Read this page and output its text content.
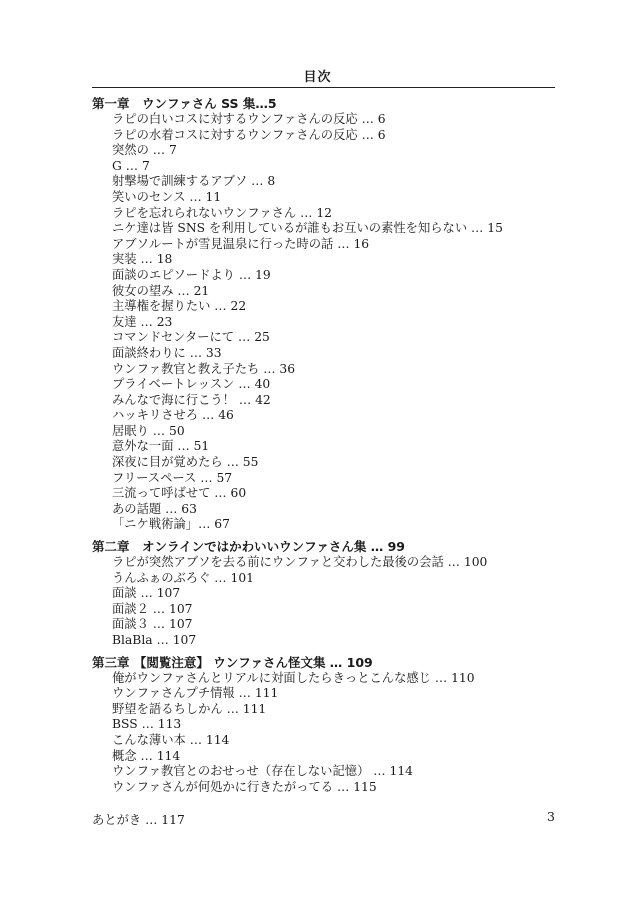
目次
第一章　ウンファさん SS 集…5
ラピの白いコスに対するウンファさんの反応 … 6
ラピの水着コスに対するウンファさんの反応 … 6
突然の … 7
G … 7
射撃場で訓練するアブソ … 8
笑いのセンス … 11
ラピを忘れられないウンファさん … 12
ニケ達は皆 SNS を利用しているが誰もお互いの素性を知らない … 15
アブソルートが雪見温泉に行った時の話 … 16
実装 … 18
面談のエピソードより … 19
彼女の望み … 21
主導権を握りたい … 22
友達 … 23
コマンドセンターにて … 25
面談終わりに … 33
ウンファ教官と教え子たち … 36
プライベートレッスン … 40
みんなで海に行こう！ … 42
ハッキリさせろ … 46
居眠り … 50
意外な一面 … 51
深夜に目が覚めたら … 55
フリースペース … 57
三流って呼ばせて … 60
あの話題 … 63
「ニケ戦術論」… 67
第二章　オンラインではかわいいウンファさん集 … 99
ラピが突然アブソを去る前にウンファと交わした最後の会話 … 100
うんふぁのぶろぐ … 101
面談 … 107
面談２ … 107
面談３ … 107
BlaBla … 107
第三章 【閲覧注意】 ウンファさん怪文集 … 109
俺がウンファさんとリアルに対面したらきっとこんな感じ … 110
ウンファさんプチ情報 … 111
野望を語るちしかん … 111
BSS … 113
こんな薄い本 … 114
概念 … 114
ウンファ教官とのおせっせ（存在しない記憶） … 114
ウンファさんが何処かに行きたがってる … 115
あとがき … 117	3
